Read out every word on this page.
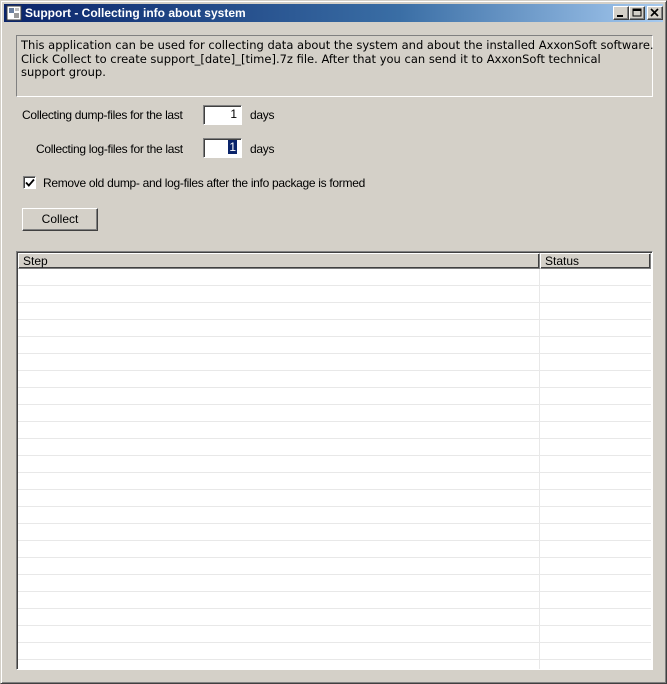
Support - Collecting info about system
This application can be used for collecting data about the system and about the installed AxxonSoft software.
Click Collect to create support_[date]_[time].7z file. After that you can send it to AxxonSoft technical
support group.
Collecting dump-files for the last	1	days
Collecting log-files for the last	1	days
Remove old dump- and log-files after the info package is formed
Collect
Step	Status
